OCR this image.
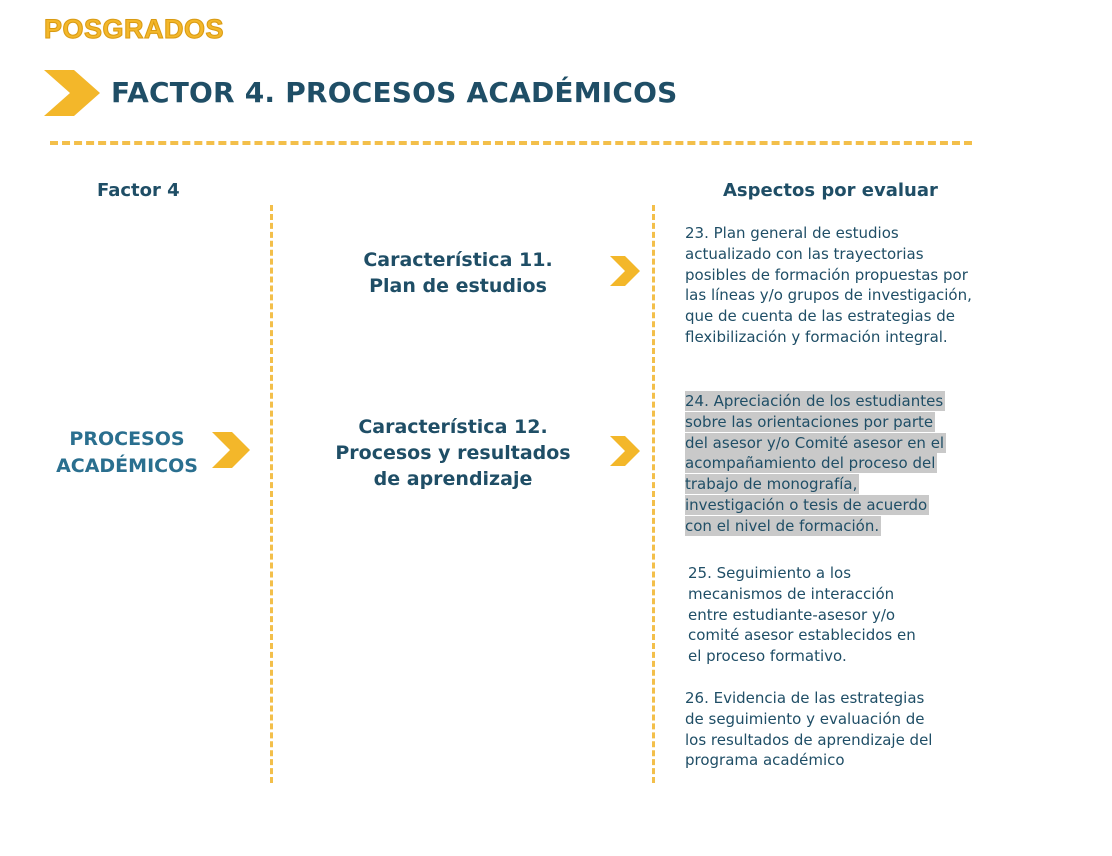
POSGRADOS
FACTOR 4. PROCESOS ACADÉMICOS
Factor 4	Aspectos por evaluar
PROCESOS
ACADÉMICOS
Característica 11.
Plan de estudios
Característica 12.
Procesos y resultados
de aprendizaje
23. Plan general de estudios
actualizado con las trayectorias
posibles de formación propuestas por
las líneas y/o grupos de investigación,
que de cuenta de las estrategias de
flexibilización y formación integral.
24. Apreciación de los estudiantes
sobre las orientaciones por parte
del asesor y/o Comité asesor en el
acompañamiento del proceso del
trabajo de monografía,
investigación o tesis de acuerdo
con el nivel de formación.
25. Seguimiento a los
mecanismos de interacción
entre estudiante-asesor y/o
comité asesor establecidos en
el proceso formativo.
26. Evidencia de las estrategias
de seguimiento y evaluación de
los resultados de aprendizaje del
programa académico
